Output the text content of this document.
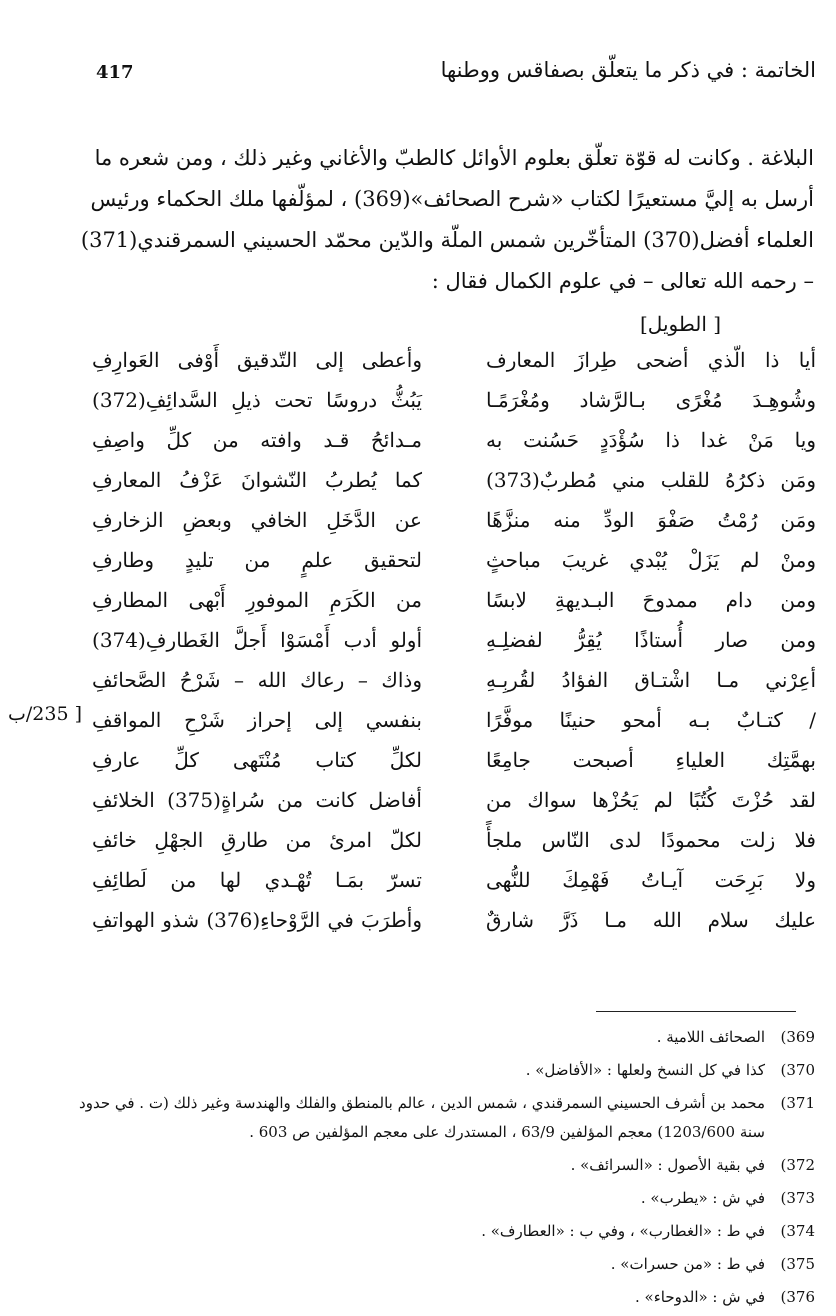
الخاتمة : في ذكر ما يتعلّق بصفاقس ووطنها
417

البلاغة . وكانت له قوّة تعلّق بعلوم الأوائل كالطبّ والأغاني وغير ذلك ، ومن شعره ما

أرسل به إليَّ مستعيرًا لكتاب «شرح الصحائف»(369) ، لمؤلّفها ملك الحكماء ورئيس

العلماء أفضل(370) المتأخّرين شمس الملّة والدّين محمّد الحسيني السمرقندي(371)

– رحمه الله تعالى – في علوم الكمال فقال :

[ الطويل]
أيا ذا الّذي أضحى طِرازَ المعارف
وأعطى إلى التّدقيق أَوْفى العَوارِفِ
وشُوهِـدَ مُغْرًى بـالرَّشاد ومُغْرَمًـا
يَبُثُّ دروسًا تحت ذيلِ السَّدائِفِ(372)
ويا مَنْ غدا ذا سُؤْدَدٍ حَسُنت به
مـدائحُ قـد وافته من كلِّ واصِفِ
ومَن ذكرُهُ للقلب مني مُطربٌ(373)
كما يُطربُ النّشوانَ عَزْفُ المعارفِ
ومَن رُمْتُ صَفْوَ الودِّ منه منزَّهًا
عن الدَّخَلِ الخافي وبعضِ الزخارفِ
ومنْ لم يَزَلْ يُبْدي غريبَ مباحثٍ
لتحقيق علمٍ من تليدٍ وطارفِ
ومن دام ممدوحَ البـديهةِ لابسًا
من الكَرَمِ الموفورِ أَبْهى المطارفِ
ومن صار أُستاذًا يُقِرُّ لفضلِـهِ
أولو أدب أَمْسَوْا أَجلَّ الغَطارفِ(374)
أعِرْني مـا اشْتـاق الفؤادُ لقُربِـهِ
وذاك – رعاك الله – شَرْحُ الصَّحائفِ
/ كتـابٌ بـه أمحو حنينًا موفَّرًا
بنفسي إلى إحراز شَرْحِ المواقفِ
بهمَّتِك العلياءِ أصبحت جامِعًا
لكلِّ كتاب مُنْتَهى كلِّ عارفِ
لقد حُزْتَ كُتُبًا لم يَحُزْها سواك من
أفاضل كانت من سُراةٍ(375) الخلائفِ
فلا زلت محمودًا لدى النّاس ملجأً
لكلّ امرئ من طارقِ الجهْلِ خائفِ
ولا بَرِحَت آيـاتُ فَهْمِكَ للنُّهى
تسرّ بمَـا تُهْـدي لها من لَطائِفِ
عليك سلام الله مـا ذَرَّ شارقٌ
وأطرَبَ في الرَّوْحاءِ(376) شذو الهواتفِ
[ 235/ب
369)
الصحائف اللامية .
370)
كذا في كل النسخ ولعلها : «الأفاضل» .
371)
محمد بن أشرف الحسيني السمرقندي ، شمس الدين ، عالم بالمنطق والفلك والهندسة وغير ذلك (ت . في حدود سنة 1203/600) معجم المؤلفين 63/9 ، المستدرك على معجم المؤلفين ص 603 .
372)
في بقية الأصول : «السرائف» .
373)
في ش : «يطرب» .
374)
في ط : «الغطارب» ، وفي ب : «العطارف» .
375)
في ط : «من حسرات» .
376)
في ش : «الدوحاء» .
